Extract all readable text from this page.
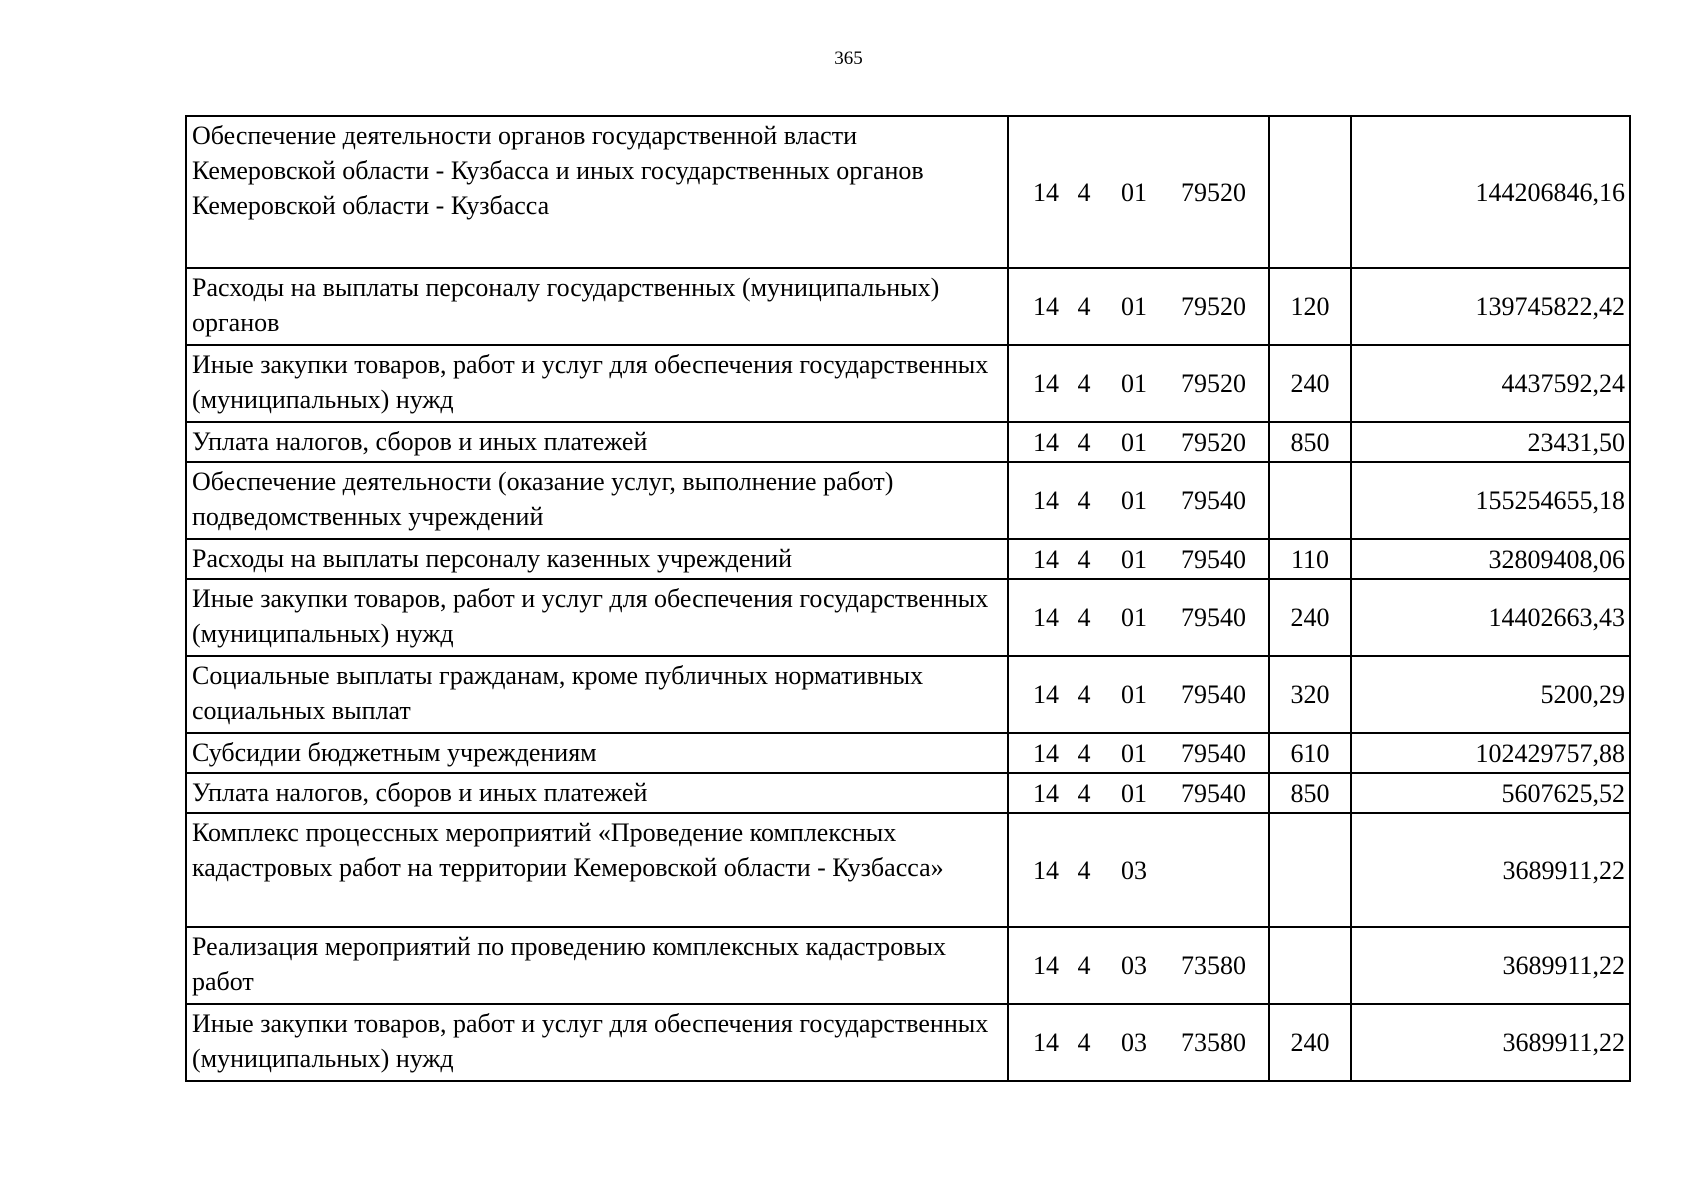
365
Обеспечение деятельности органов государственной власти Кемеровской области - Кузбасса и иных государственных органов Кемеровской области - Кузбасса	14 4 01 79520		144206846,16
Расходы на выплаты персоналу государственных (муниципальных) органов	14 4 01 79520	120	139745822,42
Иные закупки товаров, работ и услуг для обеспечения государственных (муниципальных) нужд	14 4 01 79520	240	4437592,24
Уплата налогов, сборов и иных платежей	14 4 01 79520	850	23431,50
Обеспечение деятельности (оказание услуг, выполнение работ) подведомственных учреждений	14 4 01 79540		155254655,18
Расходы на выплаты персоналу казенных учреждений	14 4 01 79540	110	32809408,06
Иные закупки товаров, работ и услуг для обеспечения государственных (муниципальных) нужд	14 4 01 79540	240	14402663,43
Социальные выплаты гражданам, кроме публичных нормативных социальных выплат	14 4 01 79540	320	5200,29
Субсидии бюджетным учреждениям	14 4 01 79540	610	102429757,88
Уплата налогов, сборов и иных платежей	14 4 01 79540	850	5607625,52
Комплекс процессных мероприятий «Проведение комплексных кадастровых работ на территории Кемеровской области - Кузбасса»	14 4 03		3689911,22
Реализация мероприятий по проведению комплексных кадастровых работ	14 4 03 73580		3689911,22
Иные закупки товаров, работ и услуг для обеспечения государственных (муниципальных) нужд	14 4 03 73580	240	3689911,22
